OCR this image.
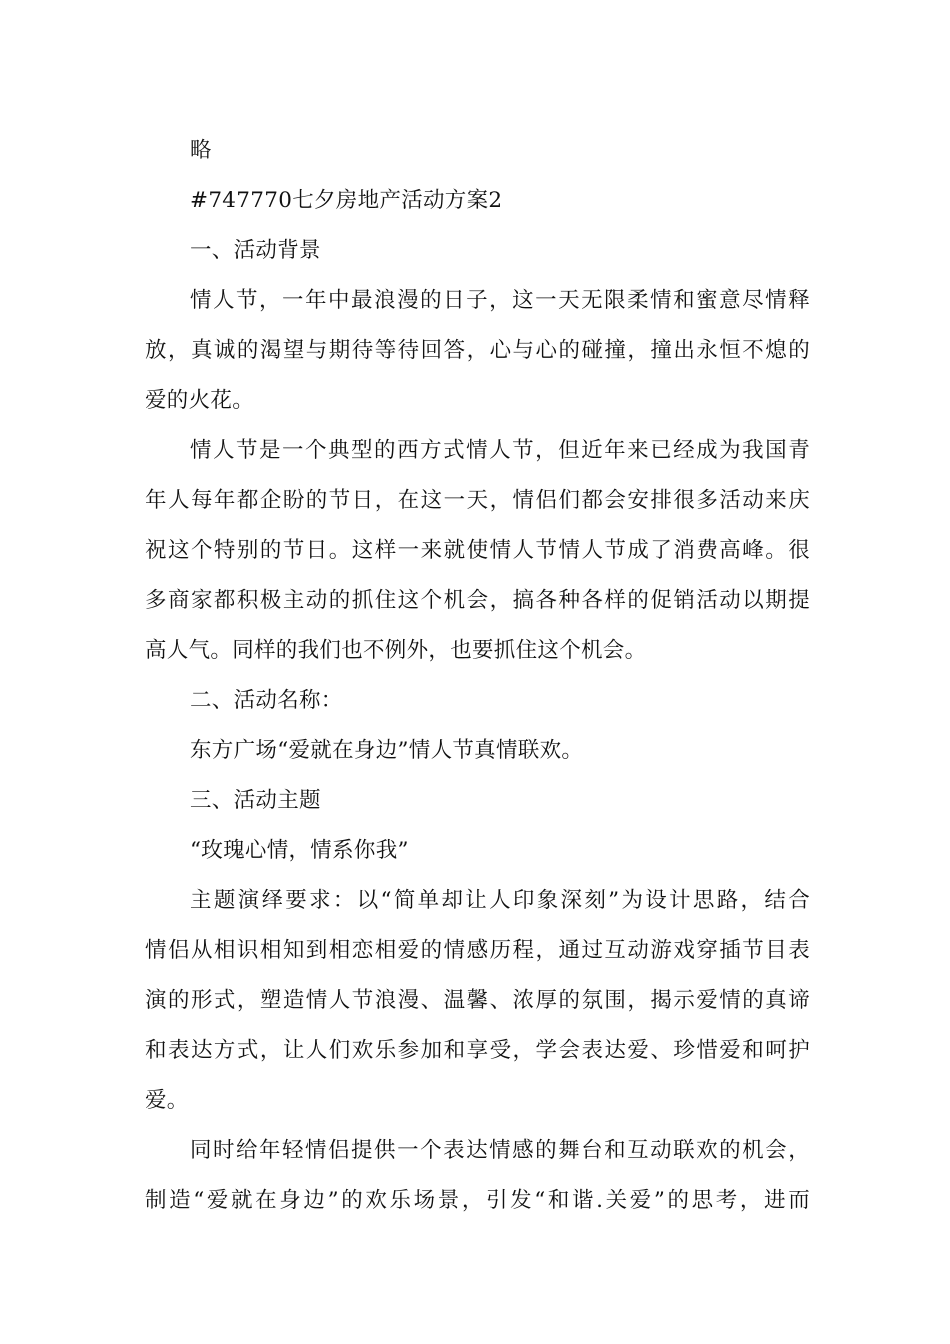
略
#747770七夕房地产活动方案2
一、活动背景
情人节，一年中最浪漫的日子，这一天无限柔情和蜜意尽情释
放，真诚的渴望与期待等待回答，心与心的碰撞，撞出永恒不熄的
爱的火花。
情人节是一个典型的西方式情人节，但近年来已经成为我国青
年人每年都企盼的节日，在这一天，情侣们都会安排很多活动来庆
祝这个特别的节日。这样一来就使情人节情人节成了消费高峰。很
多商家都积极主动的抓住这个机会，搞各种各样的促销活动以期提
高人气。同样的我们也不例外，也要抓住这个机会。
二、活动名称：
东方广场“爱就在身边”情人节真情联欢。
三、活动主题
“玫瑰心情，情系你我”
主题演绎要求：以“简单却让人印象深刻”为设计思路，结合
情侣从相识相知到相恋相爱的情感历程，通过互动游戏穿插节目表
演的形式，塑造情人节浪漫、温馨、浓厚的氛围，揭示爱情的真谛
和表达方式，让人们欢乐参加和享受，学会表达爱、珍惜爱和呵护
爱。
同时给年轻情侣提供一个表达情感的舞台和互动联欢的机会，
制造“爱就在身边”的欢乐场景，引发“和谐.关爱”的思考，进而
